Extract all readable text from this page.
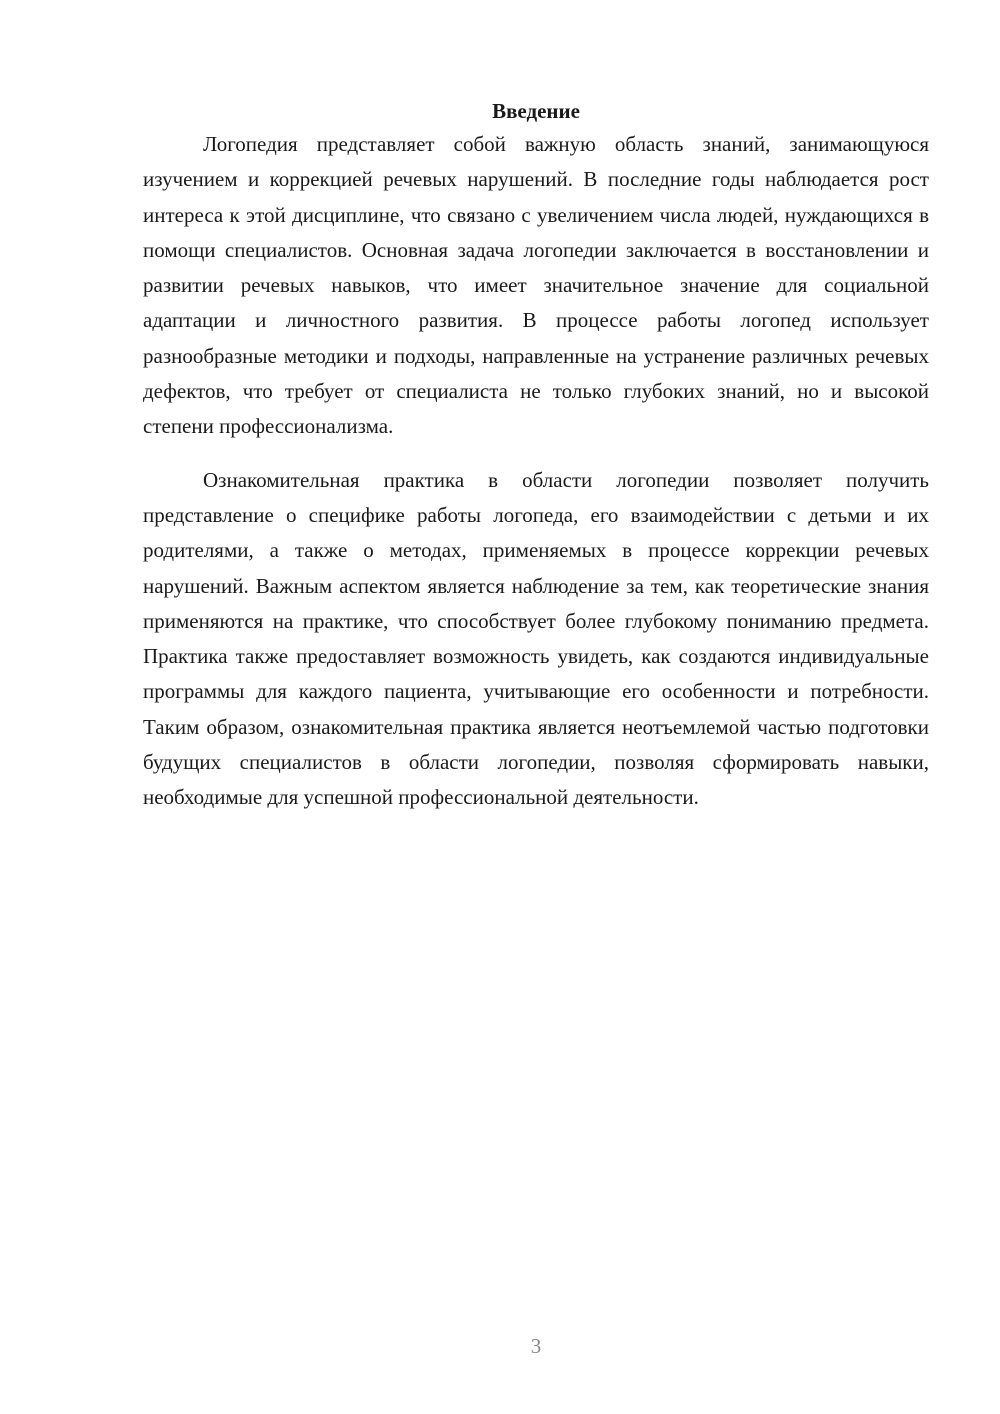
Введение

Логопедия представляет собой важную область знаний, занимающуюся изучением и коррекцией речевых нарушений. В последние годы наблюдается рост интереса к этой дисциплине, что связано с увеличением числа людей, нуждающихся в помощи специалистов. Основная задача логопедии заключается в восстановлении и развитии речевых навыков, что имеет значительное значение для социальной адаптации и личностного развития. В процессе работы логопед использует разнообразные методики и подходы, направленные на устранение различных речевых дефектов, что требует от специалиста не только глубоких знаний, но и высокой степени профессионализма.

Ознакомительная практика в области логопедии позволяет получить представление о специфике работы логопеда, его взаимодействии с детьми и их родителями, а также о методах, применяемых в процессе коррекции речевых нарушений. Важным аспектом является наблюдение за тем, как теоретические знания применяются на практике, что способствует более глубокому пониманию предмета. Практика также предоставляет возможность увидеть, как создаются индивидуальные программы для каждого пациента, учитывающие его особенности и потребности. Таким образом, ознакомительная практика является неотъемлемой частью подготовки будущих специалистов в области логопедии, позволяя сформировать навыки, необходимые для успешной профессиональной деятельности.

3
